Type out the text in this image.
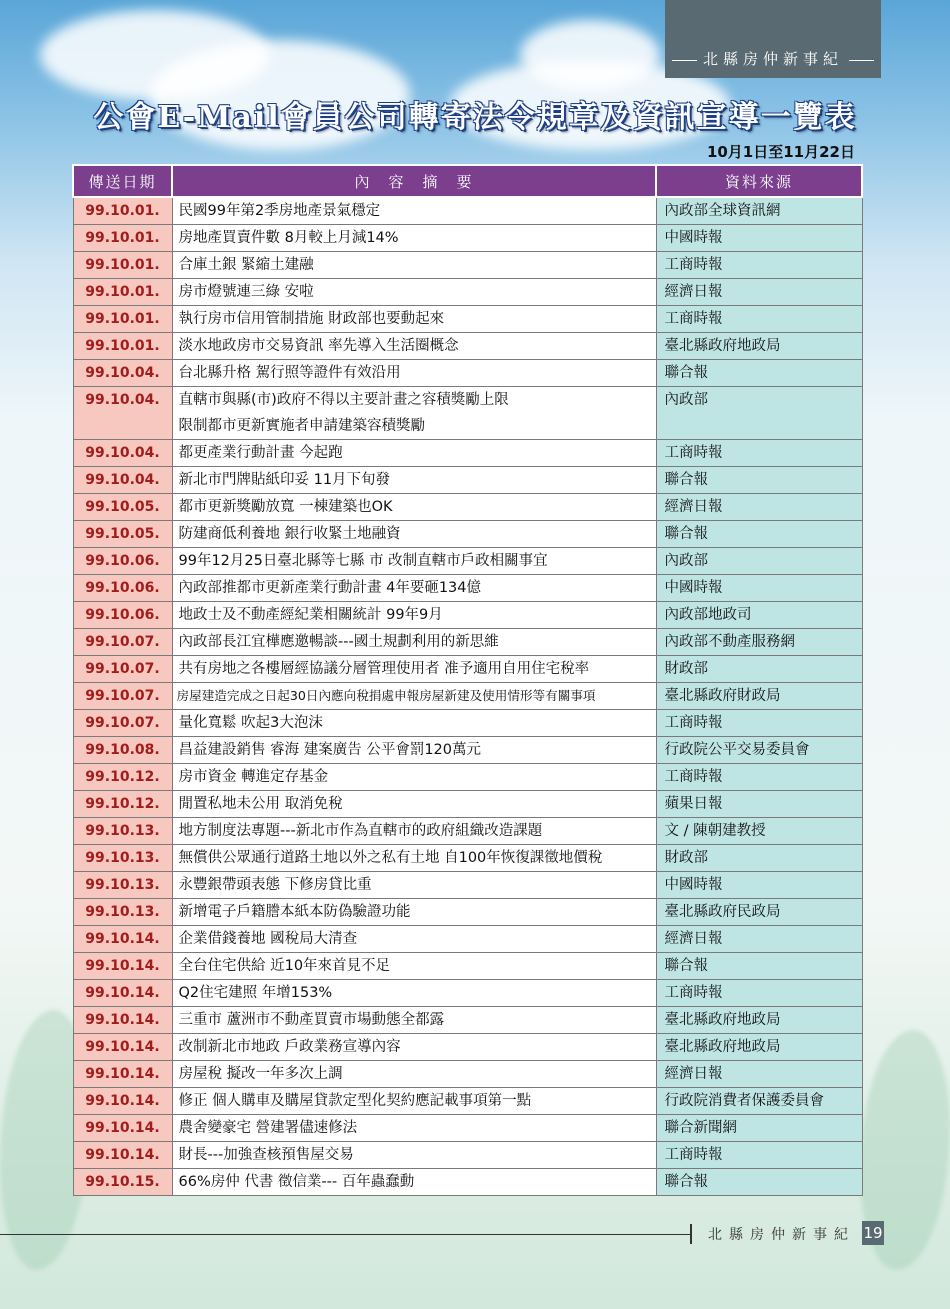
北縣房仲新事紀
公會E-Mail會員公司轉寄法令規章及資訊宣導一覽表
10月1日至11月22日
傳送日期	內　容　摘　要	資料來源
99.10.01.	民國99年第2季房地產景氣穩定	內政部全球資訊網
99.10.01.	房地產買賣件數 8月較上月減14%	中國時報
99.10.01.	合庫土銀 緊縮土建融	工商時報
99.10.01.	房市燈號連三綠 安啦	經濟日報
99.10.01.	執行房市信用管制措施 財政部也要動起來	工商時報
99.10.01.	淡水地政房市交易資訊 率先導入生活圈概念	臺北縣政府地政局
99.10.04.	台北縣升格 駕行照等證件有效沿用	聯合報
99.10.04.	直轄市與縣(市)政府不得以主要計畫之容積獎勵上限
限制都市更新實施者申請建築容積獎勵	內政部
99.10.04.	都更產業行動計畫 今起跑	工商時報
99.10.04.	新北市門牌貼紙印妥 11月下旬發	聯合報
99.10.05.	都市更新獎勵放寬 一棟建築也OK	經濟日報
99.10.05.	防建商低利養地 銀行收緊土地融資	聯合報
99.10.06.	99年12月25日臺北縣等七縣 市 改制直轄市戶政相關事宜	內政部
99.10.06.	內政部推都市更新產業行動計畫 4年要砸134億	中國時報
99.10.06.	地政士及不動產經紀業相關統計 99年9月	內政部地政司
99.10.07.	內政部長江宜樺應邀暢談---國土規劃利用的新思維	內政部不動產服務網
99.10.07.	共有房地之各樓層經協議分層管理使用者 准予適用自用住宅稅率	財政部
99.10.07.	房屋建造完成之日起30日內應向稅捐處申報房屋新建及使用情形等有關事項	臺北縣政府財政局
99.10.07.	量化寬鬆 吹起3大泡沫	工商時報
99.10.08.	昌益建設銷售 睿海 建案廣告 公平會罰120萬元	行政院公平交易委員會
99.10.12.	房市資金 轉進定存基金	工商時報
99.10.12.	閒置私地未公用 取消免稅	蘋果日報
99.10.13.	地方制度法專題---新北市作為直轄市的政府組織改造課題	文 / 陳朝建教授
99.10.13.	無償供公眾通行道路土地以外之私有土地 自100年恢復課徵地價稅	財政部
99.10.13.	永豐銀帶頭表態 下修房貸比重	中國時報
99.10.13.	新增電子戶籍謄本紙本防偽驗證功能	臺北縣政府民政局
99.10.14.	企業借錢養地 國稅局大清查	經濟日報
99.10.14.	全台住宅供給 近10年來首見不足	聯合報
99.10.14.	Q2住宅建照 年增153%	工商時報
99.10.14.	三重市 蘆洲市不動產買賣市場動態全都露	臺北縣政府地政局
99.10.14.	改制新北市地政 戶政業務宣導內容	臺北縣政府地政局
99.10.14.	房屋稅 擬改一年多次上調	經濟日報
99.10.14.	修正 個人購車及購屋貸款定型化契約應記載事項第一點	行政院消費者保護委員會
99.10.14.	農舍變豪宅 營建署儘速修法	聯合新聞網
99.10.14.	財長---加強查核預售屋交易	工商時報
99.10.15.	66%房仲 代書 徵信業--- 百年蟲蠢動	聯合報
北縣房仲新事紀 19
